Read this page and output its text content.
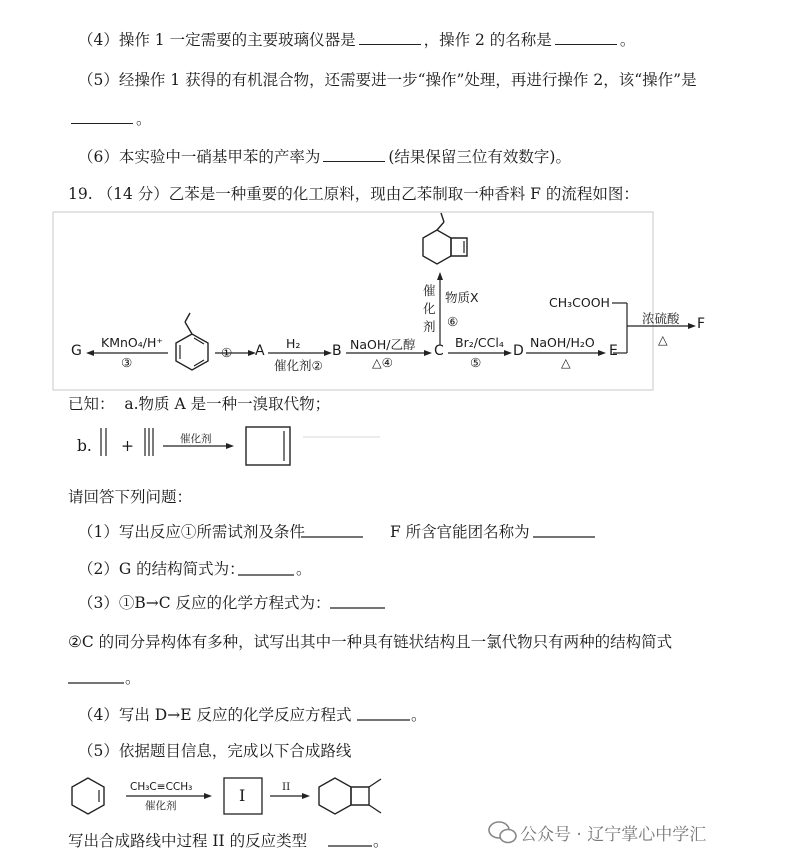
（4）操作 1 一定需要的主要玻璃仪器是	，操作 2 的名称是	。
（5）经操作 1 获得的有机混合物，还需要进一步“操作”处理，再进行操作 2，该“操作”是
。
（6）本实验中一硝基甲苯的产率为	(结果保留三位有效数字)。
19. （14 分）乙苯是一种重要的化工原料，现由乙苯制取一种香料 F 的流程如图：
G
KMnO₄/H⁺
③
① A H₂
催化剂②
B NaOH/乙醇
△④
C
Br₂/CCl₄
⑤
D
NaOH/H₂O
△
E
CH₃COOH
浓硫酸
△
F
催化剂
物质X
⑥
已知： a.物质 A 是一种一溴取代物；
b. +	催化剂
请回答下列问题：
（1）写出反应①所需试剂及条件	F 所含官能团名称为
（2）G 的结构简式为：	。
（3）①B→C 反应的化学方程式为：
②C 的同分异构体有多种，试写出其中一种具有链状结构且一氯代物只有两种的结构简式
。
（4）写出 D→E 反应的化学反应方程式	。
（5）依据题目信息，完成以下合成路线
CH₃C≡CCH₃
催化剂
I	II
写出合成路线中过程 II 的反应类型	。	公众号 · 辽宁掌心中学汇
